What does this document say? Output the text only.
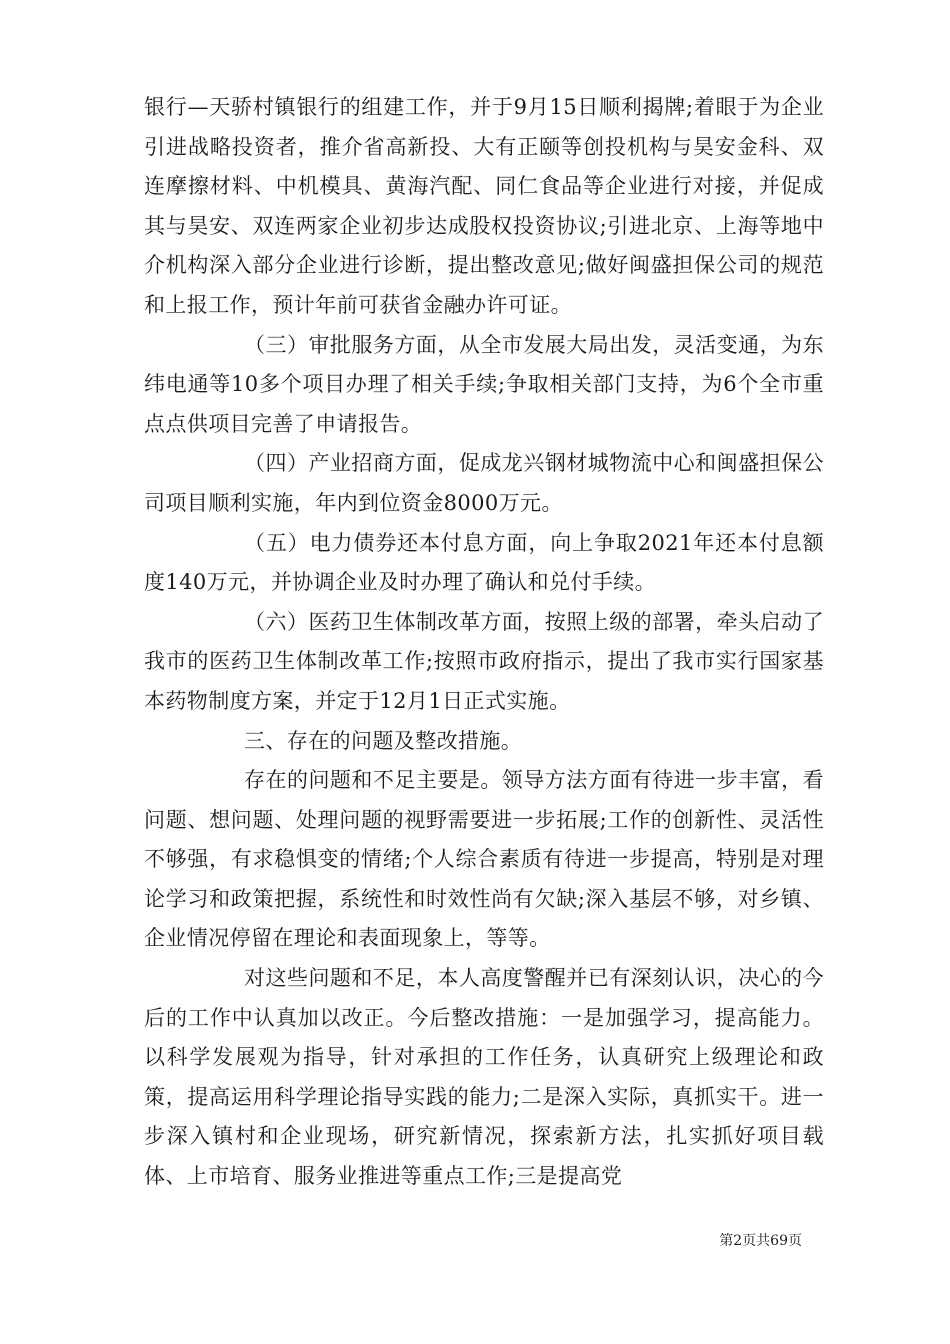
银行—天骄村镇银行的组建工作，并于9月15日顺利揭牌;着眼于为企业引进战略投资者，推介省高新投、大有正颐等创投机构与昊安金科、双连摩擦材料、中机模具、黄海汽配、同仁食品等企业进行对接，并促成其与昊安、双连两家企业初步达成股权投资协议;引进北京、上海等地中介机构深入部分企业进行诊断，提出整改意见;做好闽盛担保公司的规范和上报工作，预计年前可获省金融办许可证。

（三）审批服务方面，从全市发展大局出发，灵活变通，为东纬电通等10多个项目办理了相关手续;争取相关部门支持，为6个全市重点点供项目完善了申请报告。

（四）产业招商方面，促成龙兴钢材城物流中心和闽盛担保公司项目顺利实施，年内到位资金8000万元。

（五）电力债券还本付息方面，向上争取2021年还本付息额度140万元，并协调企业及时办理了确认和兑付手续。

（六）医药卫生体制改革方面，按照上级的部署，牵头启动了我市的医药卫生体制改革工作;按照市政府指示，提出了我市实行国家基本药物制度方案，并定于12月1日正式实施。

三、存在的问题及整改措施。

存在的问题和不足主要是。领导方法方面有待进一步丰富，看问题、想问题、处理问题的视野需要进一步拓展;工作的创新性、灵活性不够强，有求稳惧变的情绪;个人综合素质有待进一步提高，特别是对理论学习和政策把握，系统性和时效性尚有欠缺;深入基层不够，对乡镇、企业情况停留在理论和表面现象上，等等。

对这些问题和不足，本人高度警醒并已有深刻认识，决心的今后的工作中认真加以改正。今后整改措施：一是加强学习，提高能力。以科学发展观为指导，针对承担的工作任务，认真研究上级理论和政策，提高运用科学理论指导实践的能力;二是深入实际，真抓实干。进一步深入镇村和企业现场，研究新情况，探索新方法，扎实抓好项目载体、上市培育、服务业推进等重点工作;三是提高党

第2页共69页
